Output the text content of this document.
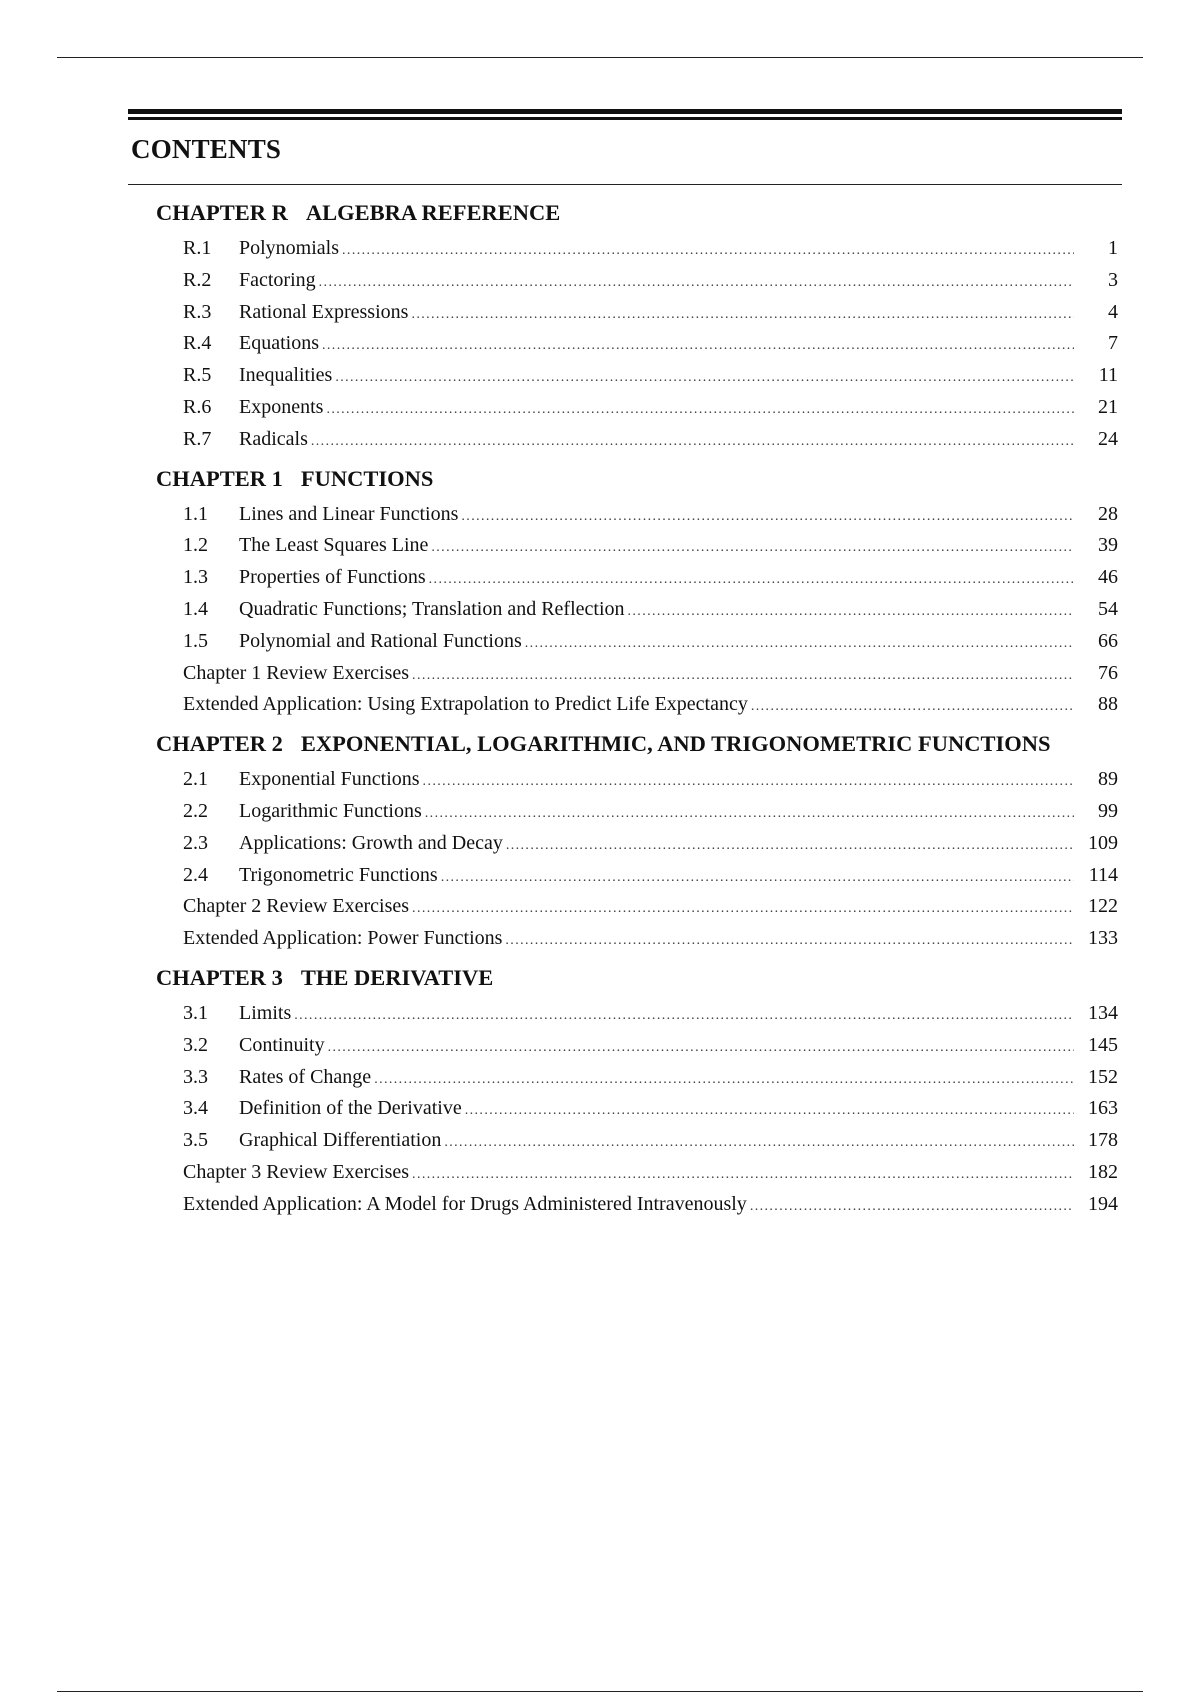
CONTENTS
CHAPTER R ALGEBRA REFERENCE
R.1	Polynomials .....	1
R.2	Factoring .....	3
R.3	Rational Expressions .....	4
R.4	Equations .....	7
R.5	Inequalities .....	11
R.6	Exponents .....	21
R.7	Radicals .....	24
CHAPTER 1 FUNCTIONS
1.1	Lines and Linear Functions .....	28
1.2	The Least Squares Line .....	39
1.3	Properties of Functions .....	46
1.4	Quadratic Functions; Translation and Reflection .....	54
1.5	Polynomial and Rational Functions .....	66
Chapter 1 Review Exercises .....	76
Extended Application: Using Extrapolation to Predict Life Expectancy .....	88
CHAPTER 2 EXPONENTIAL, LOGARITHMIC, AND TRIGONOMETRIC FUNCTIONS
2.1	Exponential Functions .....	89
2.2	Logarithmic Functions .....	99
2.3	Applications: Growth and Decay .....	109
2.4	Trigonometric Functions .....	114
Chapter 2 Review Exercises .....	122
Extended Application: Power Functions .....	133
CHAPTER 3 THE DERIVATIVE
3.1	Limits .....	134
3.2	Continuity .....	145
3.3	Rates of Change .....	152
3.4	Definition of the Derivative .....	163
3.5	Graphical Differentiation .....	178
Chapter 3 Review Exercises .....	182
Extended Application: A Model for Drugs Administered Intravenously .....	194
